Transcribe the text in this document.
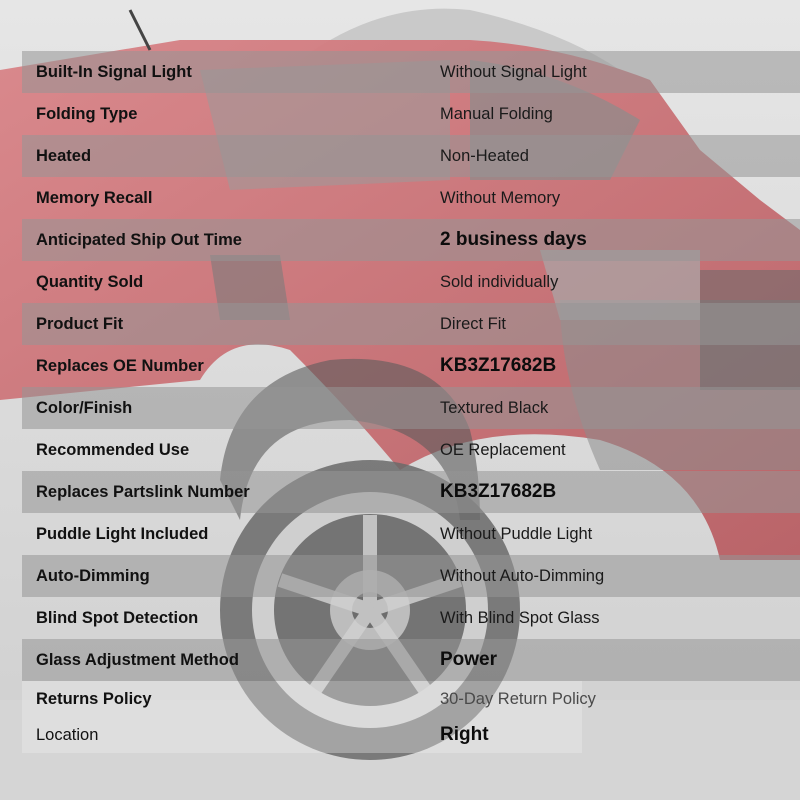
Built-In Signal Light	Without Signal Light
Folding Type	Manual Folding
Heated	Non-Heated
Memory Recall	Without Memory
Anticipated Ship Out Time	2 business days
Quantity Sold	Sold individually
Product Fit	Direct Fit
Replaces OE Number	KB3Z17682B
Color/Finish	Textured Black
Recommended Use	OE Replacement
Replaces Partslink Number	KB3Z17682B
Puddle Light Included	Without Puddle Light
Auto-Dimming	Without Auto-Dimming
Blind Spot Detection	With Blind Spot Glass
Glass Adjustment Method	Power
Returns Policy	30-Day Return Policy
Location	Right
